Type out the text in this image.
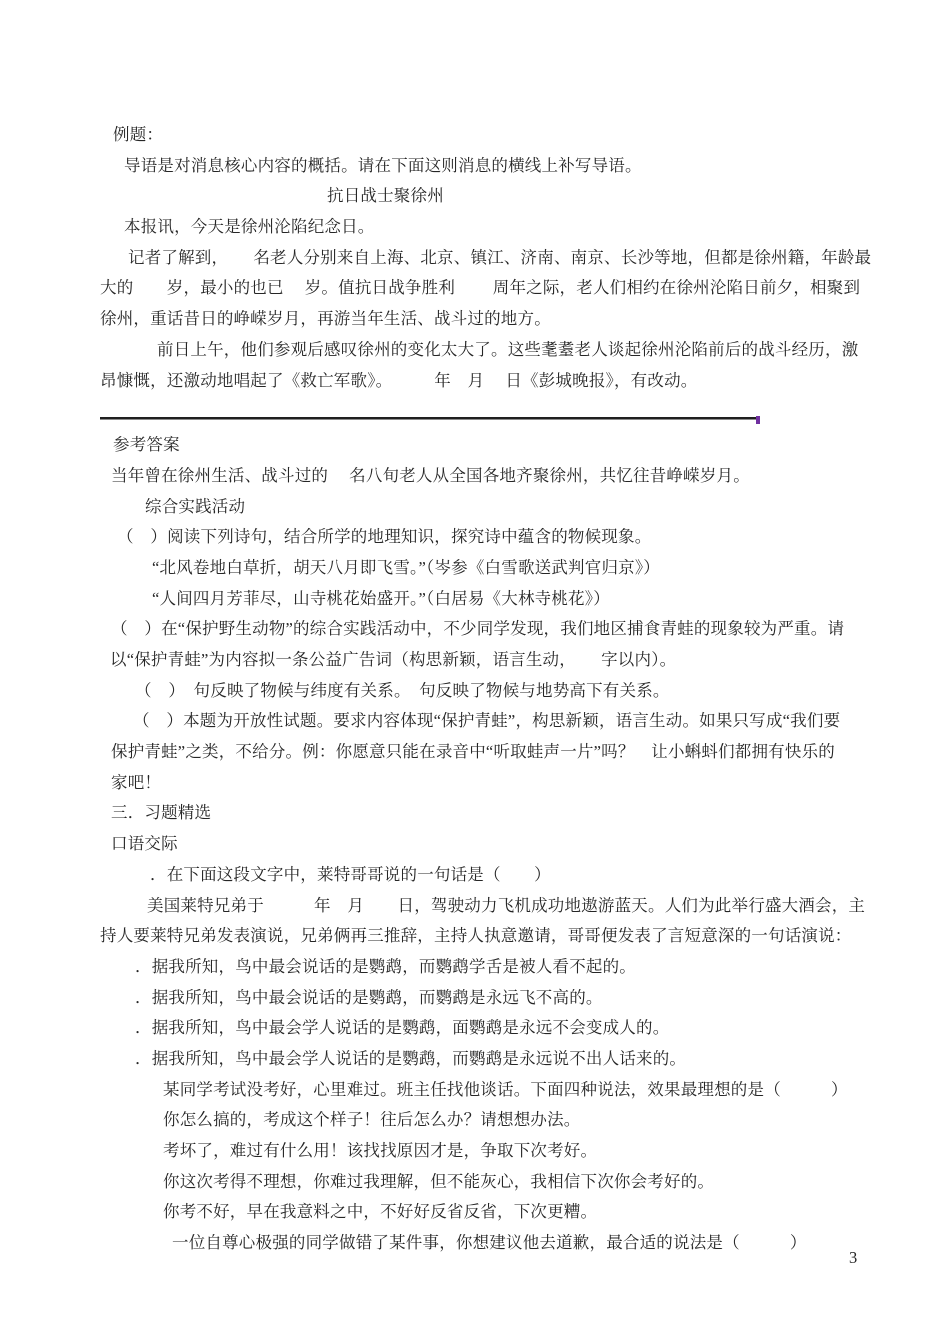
例题：
导语是对消息核心内容的概括。请在下面这则消息的横线上补写导语。
抗日战士聚徐州
本报讯，今天是徐州沦陷纪念日。
记者了解到，　　名老人分别来自上海、北京、镇江、济南、南京、长沙等地，但都是徐州籍，年龄最
大的　　岁，最小的也已　 岁。值抗日战争胜利　　 周年之际，老人们相约在徐州沦陷日前夕，相聚到
徐州，重话昔日的峥嵘岁月，再游当年生活、战斗过的地方。
前日上午，他们参观后感叹徐州的变化太大了。这些耄耋老人谈起徐州沦陷前后的战斗经历，激
昂慷慨，还激动地唱起了《救亡军歌》。　　　年　月　 日《彭城晚报》，有改动。
参考答案
当年曾在徐州生活、战斗过的　 名八旬老人从全国各地齐聚徐州，共忆往昔峥嵘岁月。
综合实践活动
（　）阅读下列诗句，结合所学的地理知识，探究诗中蕴含的物候现象。
“北风卷地白草折，胡天八月即飞雪。”（岑参《白雪歌送武判官归京》）
“人间四月芳菲尽，山寺桃花始盛开。”（白居易《大林寺桃花》）
（　）在“保护野生动物”的综合实践活动中，不少同学发现，我们地区捕食青蛙的现象较为严重。请
以“保护青蛙”为内容拟一条公益广告词（构思新颖，语言生动，　　字以内）。
（　）　句反映了物候与纬度有关系。　句反映了物候与地势高下有关系。
（　）本题为开放性试题。要求内容体现“保护青蛙”，构思新颖，语言生动。如果只写成“我们要
保护青蛙”之类，不给分。例：你愿意只能在录音中“听取蛙声一片”吗？　让小蝌蚪们都拥有快乐的
家吧！
三．习题精选
口语交际
．在下面这段文字中，莱特哥哥说的一句话是（　　）
美国莱特兄弟于　　　年　月　　日，驾驶动力飞机成功地遨游蓝天。人们为此举行盛大酒会，主
持人要莱特兄弟发表演说，兄弟俩再三推辞，主持人执意邀请，哥哥便发表了言短意深的一句话演说：
．据我所知，鸟中最会说话的是鹦鹉，而鹦鹉学舌是被人看不起的。
．据我所知，鸟中最会说话的是鹦鹉，而鹦鹉是永远飞不高的。
．据我所知，鸟中最会学人说话的是鹦鹉，面鹦鹉是永远不会变成人的。
．据我所知，鸟中最会学人说话的是鹦鹉，而鹦鹉是永远说不出人话来的。
某同学考试没考好，心里难过。班主任找他谈话。下面四种说法，效果最理想的是（　　　）
你怎么搞的，考成这个样子！往后怎么办？请想想办法。
考坏了，难过有什么用！该找找原因才是，争取下次考好。
你这次考得不理想，你难过我理解，但不能灰心，我相信下次你会考好的。
你考不好，早在我意料之中，不好好反省反省，下次更糟。
一位自尊心极强的同学做错了某件事，你想建议他去道歉，最合适的说法是（　　　）
3
